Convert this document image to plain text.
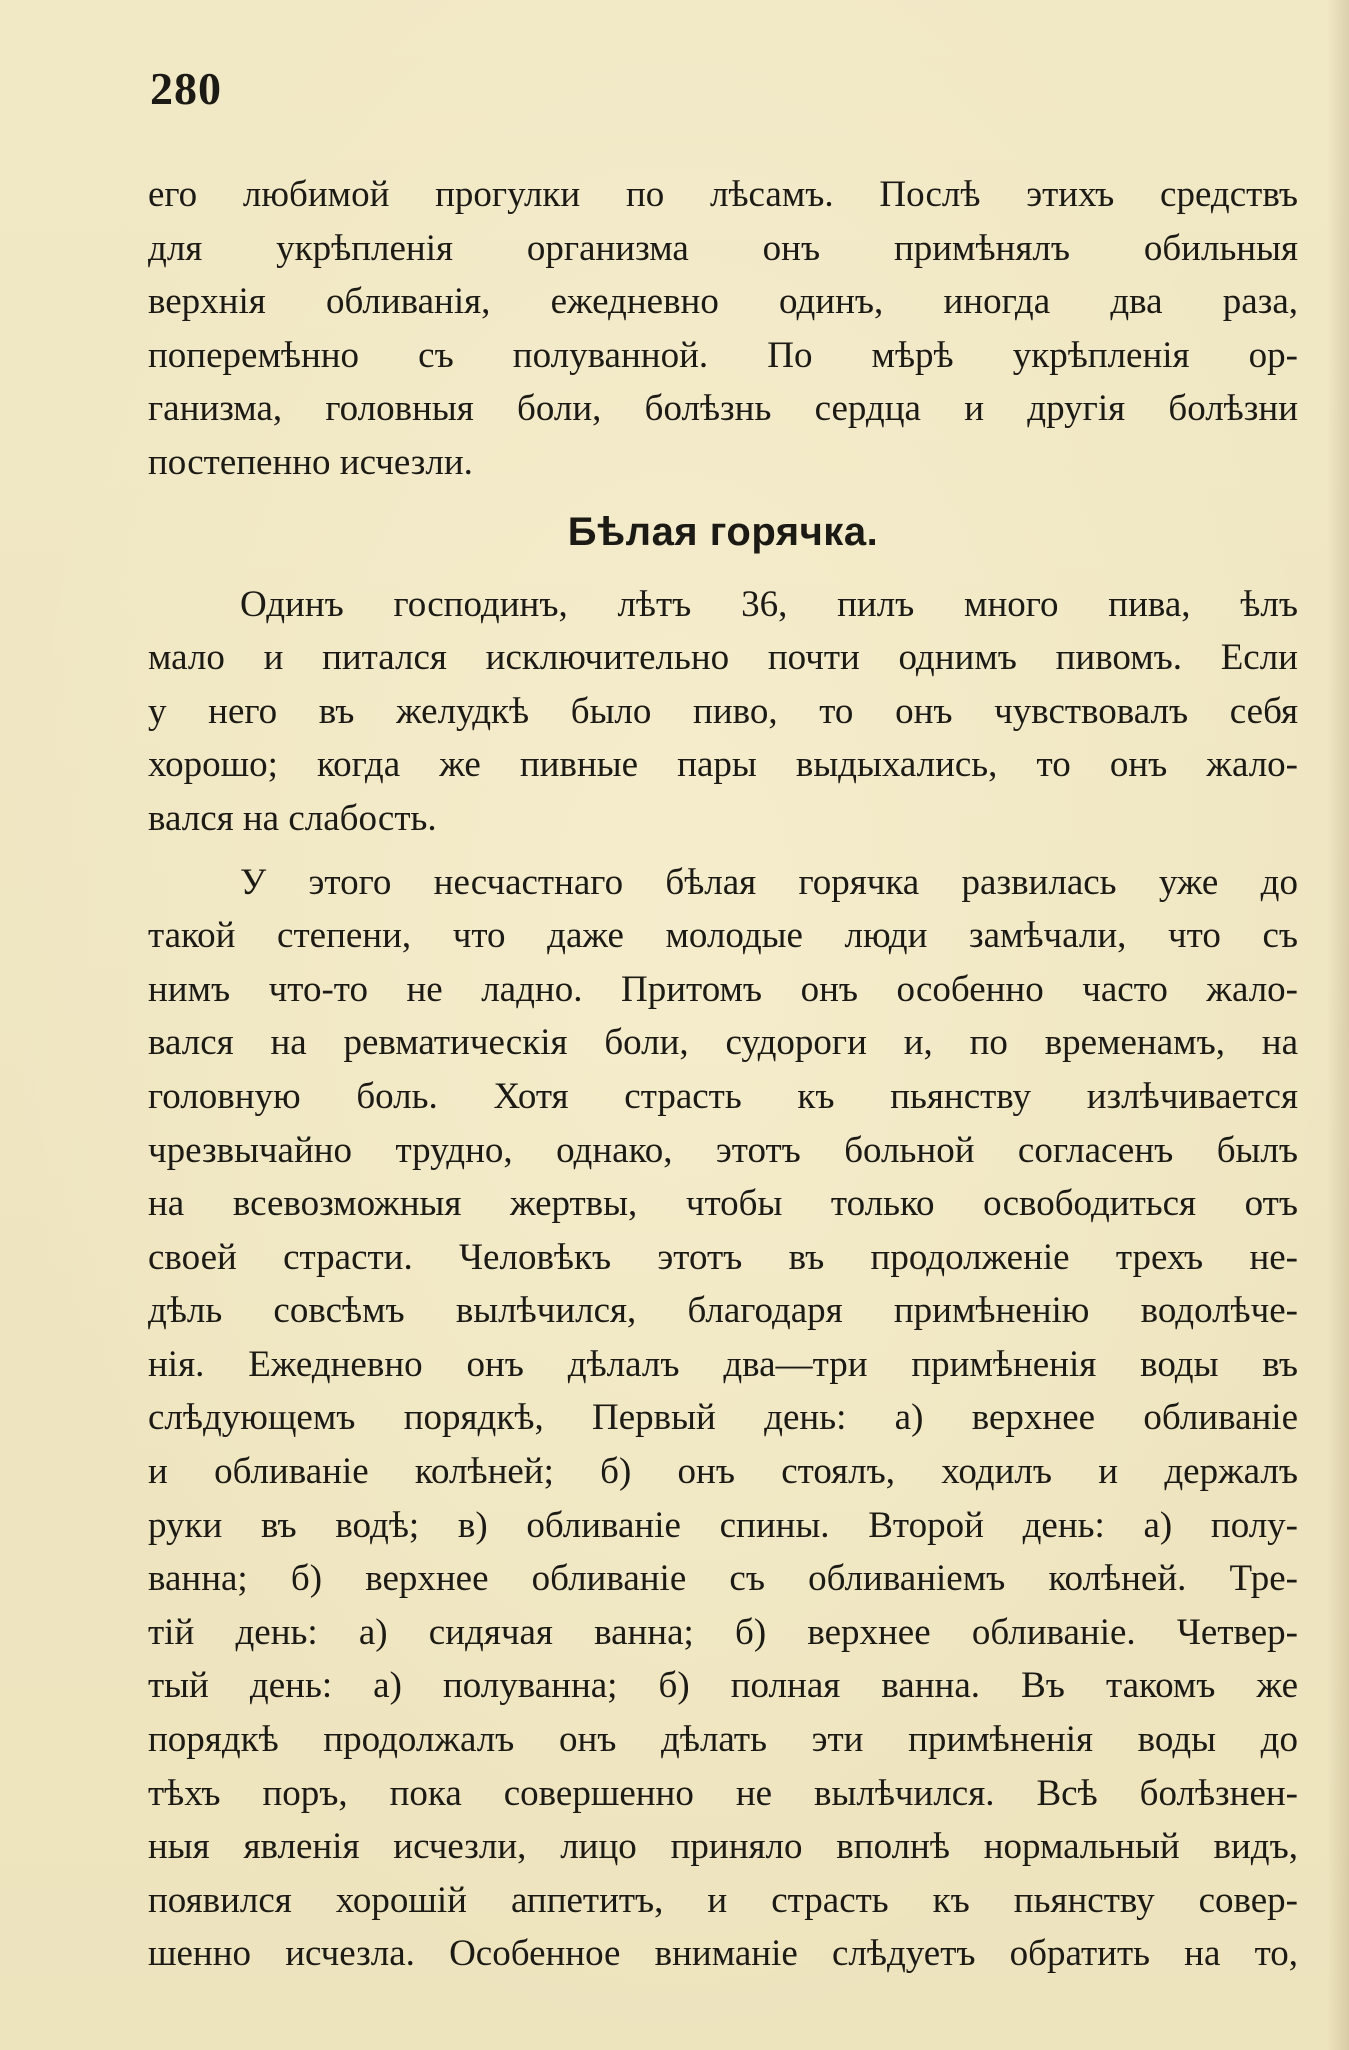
280
его любимой прогулки по лѣсамъ. Послѣ этихъ средствъ
для укрѣпленія организма онъ примѣнялъ обильныя
верхнія обливанія, ежедневно одинъ, иногда два раза,
поперемѣнно съ полуванной. По мѣрѣ укрѣпленія ор-
ганизма, головныя боли, болѣзнь сердца и другія болѣзни
постепенно исчезли.
Бѣлая горячка.
Одинъ господинъ, лѣтъ 36, пилъ много пива, ѣлъ
мало и питался исключительно почти однимъ пивомъ. Если
у него въ желудкѣ было пиво, то онъ чувствовалъ себя
хорошо; когда же пивные пары выдыхались, то онъ жало-
вался на слабость.
У этого несчастнаго бѣлая горячка развилась уже до
такой степени, что даже молодые люди замѣчали, что съ
нимъ что-то не ладно. Притомъ онъ особенно часто жало-
вался на ревматическія боли, судороги и, по временамъ, на
головную боль. Хотя страсть къ пьянству излѣчивается
чрезвычайно трудно, однако, этотъ больной согласенъ былъ
на всевозможныя жертвы, чтобы только освободиться отъ
своей страсти. Человѣкъ этотъ въ продолженіе трехъ не-
дѣль совсѣмъ вылѣчился, благодаря примѣненію водолѣче-
нія. Ежедневно онъ дѣлалъ два—три примѣненія воды въ
слѣдующемъ порядкѣ, Первый день: а) верхнее обливаніе
и обливаніе колѣней; б) онъ стоялъ, ходилъ и держалъ
руки въ водѣ; в) обливаніе спины. Второй день: а) полу-
ванна; б) верхнее обливаніе съ обливаніемъ колѣней. Тре-
тій день: а) сидячая ванна; б) верхнее обливаніе. Четвер-
тый день: а) полуванна; б) полная ванна. Въ такомъ же
порядкѣ продолжалъ онъ дѣлать эти примѣненія воды до
тѣхъ поръ, пока совершенно не вылѣчился. Всѣ болѣзнен-
ныя явленія исчезли, лицо приняло вполнѣ нормальный видъ,
появился хорошій аппетитъ, и страсть къ пьянству совер-
шенно исчезла. Особенное вниманіе слѣдуетъ обратить на то,
